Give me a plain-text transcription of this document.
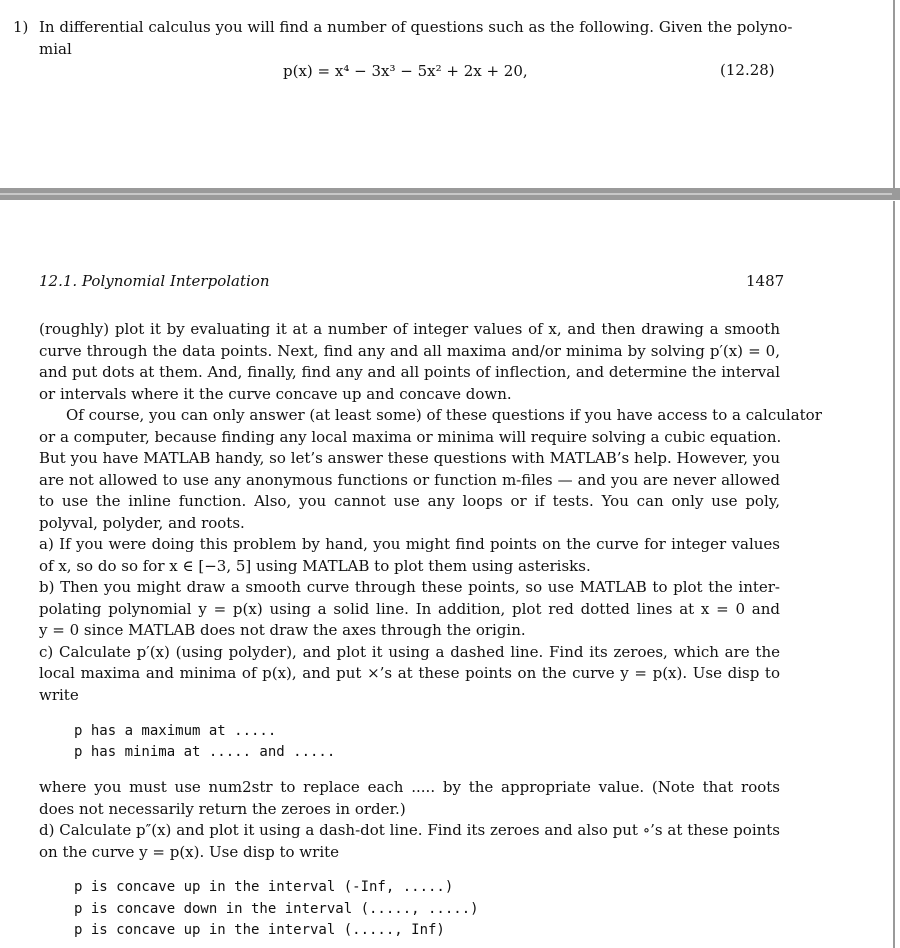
1) In differential calculus you will find a number of questions such as the following. Given the polyno-
mial
p(x) = x⁴ − 3x³ − 5x² + 2x + 20,	(12.28)
12.1. Polynomial Interpolation	1487
(roughly) plot it by evaluating it at a number of integer values of x, and then drawing a smooth
curve through the data points. Next, find any and all maxima and/or minima by solving p′(x) = 0,
and put dots at them. And, finally, find any and all points of inflection, and determine the interval
or intervals where it the curve concave up and concave down.
Of course, you can only answer (at least some) of these questions if you have access to a calculator
or a computer, because finding any local maxima or minima will require solving a cubic equation.
But you have MATLAB handy, so let’s answer these questions with MATLAB’s help. However, you
are not allowed to use any anonymous functions or function m-files — and you are never allowed
to use the inline function. Also, you cannot use any loops or if tests. You can only use poly,
polyval, polyder, and roots.
a) If you were doing this problem by hand, you might find points on the curve for integer values
of x, so do so for x ∈ [−3, 5] using MATLAB to plot them using asterisks.
b) Then you might draw a smooth curve through these points, so use MATLAB to plot the inter-
polating polynomial y = p(x) using a solid line. In addition, plot red dotted lines at x = 0 and
y = 0 since MATLAB does not draw the axes through the origin.
c) Calculate p′(x) (using polyder), and plot it using a dashed line. Find its zeroes, which are the
local maxima and minima of p(x), and put ×’s at these points on the curve y = p(x). Use disp to
write
p has a maximum at .....
p has minima at ..... and .....
where you must use num2str to replace each ..... by the appropriate value. (Note that roots
does not necessarily return the zeroes in order.)
d) Calculate p″(x) and plot it using a dash-dot line. Find its zeroes and also put ∘’s at these points
on the curve y = p(x). Use disp to write
p is concave up in the interval (-Inf, .....)
p is concave down in the interval (....., .....)
p is concave up in the interval (....., Inf)
